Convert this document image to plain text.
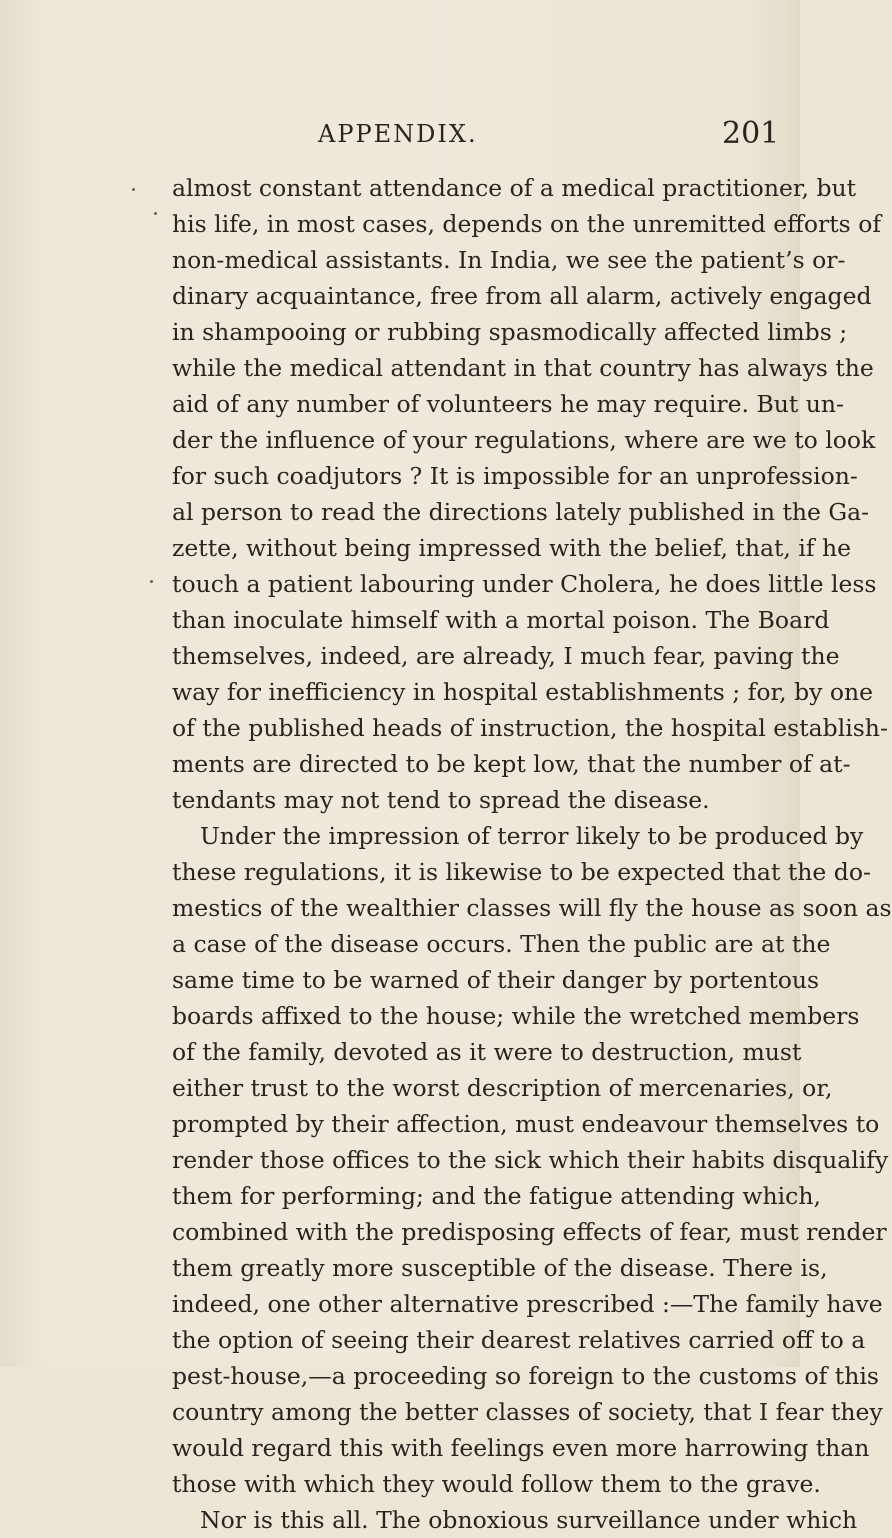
APPENDIX.	201
almost constant attendance of a medical practitioner, but
his life, in most cases, depends on the unremitted efforts of
non-medical assistants. In India, we see the patient’s or-
dinary acquaintance, free from all alarm, actively engaged
in shampooing or rubbing spasmodically affected limbs ;
while the medical attendant in that country has always the
aid of any number of volunteers he may require. But un-
der the influence of your regulations, where are we to look
for such coadjutors ? It is impossible for an unprofession-
al person to read the directions lately published in the Ga-
zette, without being impressed with the belief, that, if he
touch a patient labouring under Cholera, he does little less
than inoculate himself with a mortal poison. The Board
themselves, indeed, are already, I much fear, paving the
way for inefficiency in hospital establishments ; for, by one
of the published heads of instruction, the hospital establish-
ments are directed to be kept low, that the number of at-
tendants may not tend to spread the disease.
Under the impression of terror likely to be produced by
these regulations, it is likewise to be expected that the do-
mestics of the wealthier classes will fly the house as soon as
a case of the disease occurs. Then the public are at the
same time to be warned of their danger by portentous
boards affixed to the house; while the wretched members
of the family, devoted as it were to destruction, must
either trust to the worst description of mercenaries, or,
prompted by their affection, must endeavour themselves to
render those offices to the sick which their habits disqualify
them for performing; and the fatigue attending which,
combined with the predisposing effects of fear, must render
them greatly more susceptible of the disease. There is,
indeed, one other alternative prescribed :—The family have
the option of seeing their dearest relatives carried off to a
pest-house,—a proceeding so foreign to the customs of this
country among the better classes of society, that I fear they
would regard this with feelings even more harrowing than
those with which they would follow them to the grave.
Nor is this all. The obnoxious surveillance under which
